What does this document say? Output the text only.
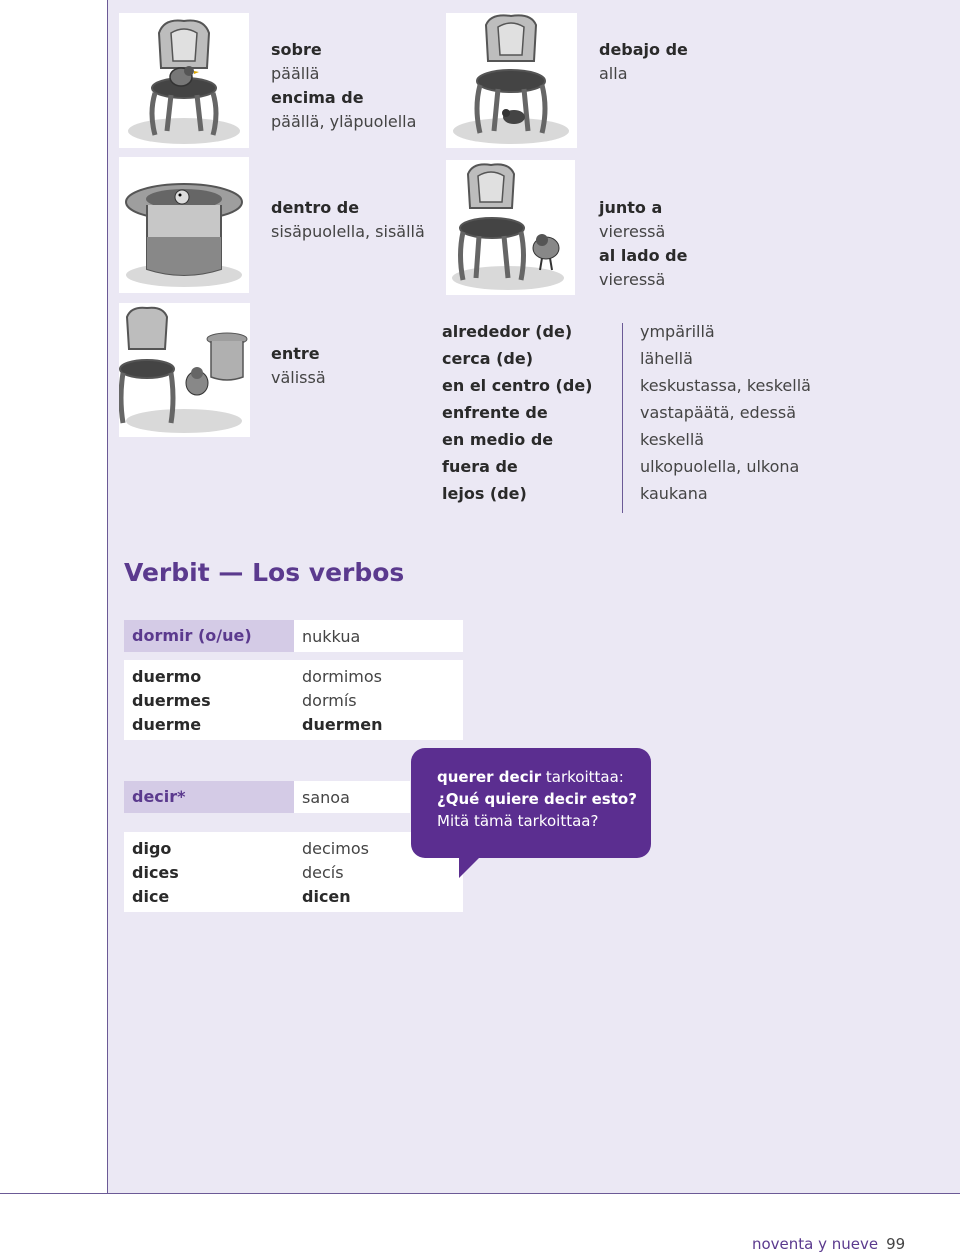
sobre
päällä
encima de
päällä, yläpuolella
debajo de
alla
dentro de
sisäpuolella, sisällä
junto a
vieressä
al lado de
vieressä
entre
välissä
alrededor (de)
cerca (de)
en el centro (de)
enfrente de
en medio de
fuera de
lejos (de)
ympärillä
lähellä
keskustassa, keskellä
vastapäätä, edessä
keskellä
ulkopuolella, ulkona
kaukana
Verbit — Los verbos
dormir (o/ue)	nukkua
duermo
duermes
duerme
dormimos
dormís
duermen
decir*	sanoa
digo
dices
dice
decimos
decís
dicen
querer decir tarkoittaa:
¿Qué quiere decir esto?
Mitä tämä tarkoittaa?
noventa y nueve 99
